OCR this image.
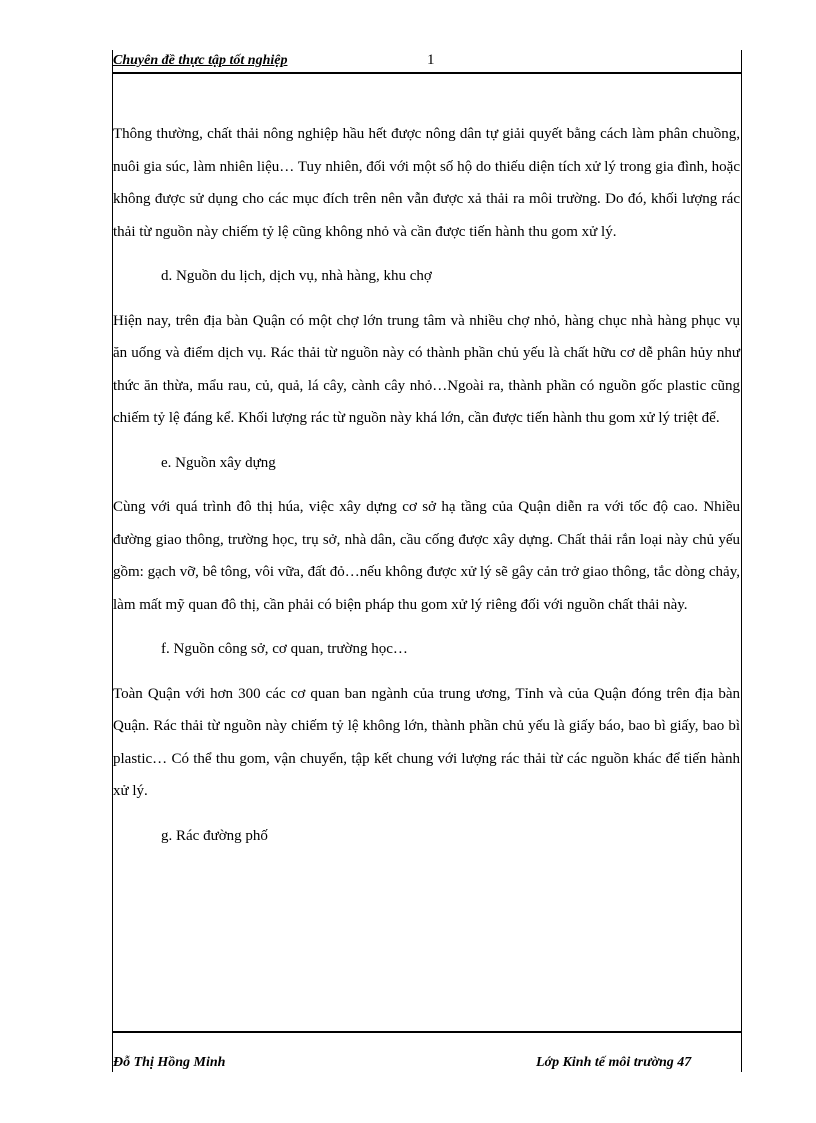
Chuyên đề thực tập tốt nghiệp	1

Thông thường, chất thải nông nghiệp hầu hết được nông dân tự giải quyết bằng cách làm phân chuồng, nuôi gia súc, làm nhiên liệu… Tuy nhiên, đối với một số hộ do thiếu diện tích xử lý trong gia đình, hoặc không được sử dụng cho các mục đích trên nên vẫn được xả thải ra môi trường. Do đó, khối lượng rác thải từ nguồn này chiếm tỷ lệ cũng không nhỏ và cần được tiến hành thu gom xử lý.

d. Nguồn du lịch, dịch vụ, nhà hàng, khu chợ

Hiện nay, trên địa bàn Quận có một chợ lớn trung tâm và nhiều chợ nhỏ, hàng chục nhà hàng phục vụ ăn uống và điểm dịch vụ. Rác thải từ nguồn này có thành phần chủ yếu là chất hữu cơ dễ phân hủy như thức ăn thừa, mẩu rau, củ, quả, lá cây, cành cây nhỏ…Ngoài ra, thành phần có nguồn gốc plastic cũng chiếm tỷ lệ đáng kể. Khối lượng rác từ nguồn này khá lớn, cần được tiến hành thu gom xử lý triệt để.

e. Nguồn xây dựng

Cùng với quá trình đô thị húa, việc xây dựng cơ sở hạ tầng của Quận diễn ra với tốc độ cao. Nhiều đường giao thông, trường học, trụ sở, nhà dân, cầu cống được xây dựng. Chất thải rắn loại này chủ yếu gồm: gạch vỡ, bê tông, vôi vữa, đất đỏ…nếu không được xử lý sẽ gây cản trở giao thông, tắc dòng chảy, làm mất mỹ quan đô thị, cần phải có biện pháp thu gom xử lý riêng đối với nguồn chất thải này.

f. Nguồn công sở, cơ quan, trường học…

Toàn Quận với hơn 300 các cơ quan ban ngành của trung ương, Tỉnh và của Quận đóng trên địa bàn Quận. Rác thải từ nguồn này chiếm tỷ lệ không lớn, thành phần chủ yếu là giấy báo, bao bì giấy, bao bì plastic… Có thể thu gom, vận chuyển, tập kết chung với lượng rác thải từ các nguồn khác để tiến hành xử lý.

g. Rác đường phố

Đỗ Thị Hồng Minh	Lớp Kinh tế môi trường 47
